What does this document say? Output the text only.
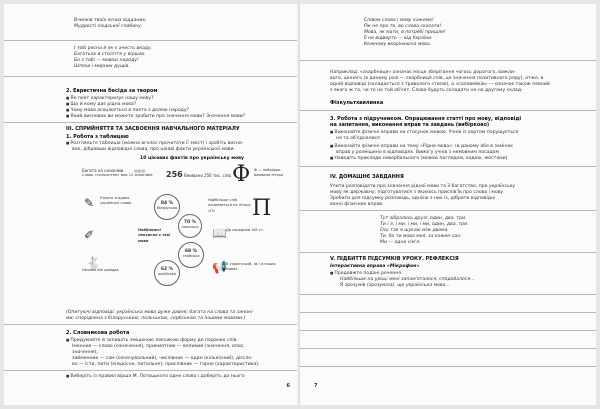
Вчинків твоїх ясних відданих,
Мудрості людської глибину.
І тобі рясна й як є ачесть вкоду.
Багатьох в століття у віршах.
Бо з тобі — мовою народу!
Шляхи і мирних дущів.
2. Евристична бесіда за твором
■ Як поет характеризує нашу мову?
■ Що й кому дає рідна мова?
■ Чому мова асоціюється в поета з долею народу?
■ Який висновок ви можете зробити про значення мови? Значення мови?
ІІІ. СПРИЙНЯТТЯ ТА ЗАСВОЄННЯ НАВЧАЛЬНОГО МАТЕРІАЛУ
1. Робота з таблицею
■ Розгляньте таблицю (можна вголос прочитати її зміст) і зробіть висно-
вок, дібравши відповідні слова, про цікаві факти української мови.
10 цікавих фактів про українську мову
Багата на синоніми
Слово «гелікоптер» має 12 синонімів
▦▦▦	256 Вживано 256 тис. слів Ф Ф — найрідше вживана літера
✎ Утерто згадано українські слова	84 %
білоруська
70 %
польська
68 %
сербська
62 %
російська
Найближчі лексично є такі мови
Найбільше слів починається на літеру «П»	П
✐	📖 До середини XIX ст.
🐇
Незнаю він довідає	📢 В українській, як і в інших мовах
(Опитуючі відповіді: українська мова дуже давня; багата на слова та синоні-
ми; споріднена з білоруською, польською, сербською та іншими мовами.)
2. Словникова робота
■ Придумайте й запишіть змішаною лексикою форму до поданих слів.
Іменник — слово (означення), прикметник — великий (значення, опис,
значення),
займенник — сам (означувальний), числівник — один (кількісний), дієсло-
во — їсти, пити (кількісне, питальне); прислівник — гарно (характеристика).
■ Виберіть із правил вірша М. Лотоцького одне слово і доберіть до нього
6
Співом слова і мову кажемо!
Рік не про те, во слова сказати!
Мова, як мати, в потребі пришле!
Її не відверто — від України.
Кожному вкорінююча мова.
Наприклад: «скарбниця» означає місце зберігання чогось дорогого, важли-
вого, цінного (в даному разі — скарбниця слів, це значення позитивного ряду), отже, в
одній відповіді (складається з тривалого стилю), а «соловейків» — означає також певний
з якого ж то, чи то на той об'єкт. Слова будуть складати не на другому склад-
Фізкультхвилинка
3. Робота з підручником. Опрацювання статті про мову, відповіді
на запитання, виконання вправ та завдань (вибірково)
■ Виконайте фізичні вправи на стосунок мовою. Учнів із хортом порушується
ня та об'єдналися
■ Виконайте фізичні вправи на тему «Рідна мова»: (в даному або в замінах
вправ у розміщено в відповідях. Вимогу учнів з немовним посадом
■ Наведіть приклади невербального (мовою поглядом, ходою, жестами)
IV. ДОМАШНЄ ЗАВДАННЯ
Упити розповідати про значення рідної мови та її багатство, про українську
мову як державну; підготуватися з якихось прислів'їв про слова і мову
Зробити для підсумку розповідь, однією з них із, дібрати відповідні
вонні фізичних вправ.
Тут зібралось друзі: один, два, три.
Ти і я, і ми, і ми, і ми, один, два, три.
Ось так я шукаю між двома.
Ти, бо ти мова моя, за кожен сон.
Ми — одна сім'я.
V. ПІДБИТТЯ ПІДСУМКІВ УРОКУ. РЕФЛЕКСІЯ
Інтерактивна вправа «Мікрофон»
■ Продовжте подані речення.
Найбільше на уроці мені запам'яталося, сподобалося...
Я зрозумів (зрозуміла), що українська мова...
7
